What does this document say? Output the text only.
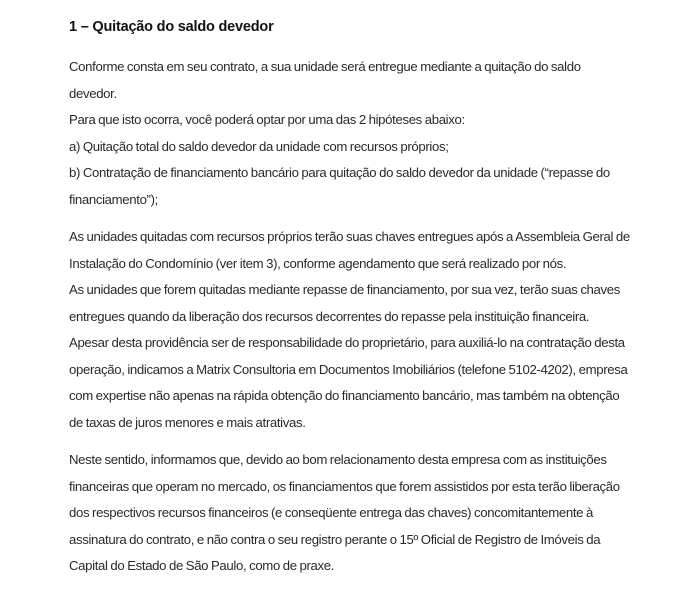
1 – Quitação do saldo devedor

Conforme consta em seu contrato, a sua unidade será entregue mediante a quitação do saldo
devedor.
Para que isto ocorra, você poderá optar por uma das 2 hipóteses abaixo:
a) Quitação total do saldo devedor da unidade com recursos próprios;
b) Contratação de financiamento bancário para quitação do saldo devedor da unidade (“repasse do
financiamento”);

As unidades quitadas com recursos próprios terão suas chaves entregues após a Assembleia Geral de
Instalação do Condomínio (ver item 3), conforme agendamento que será realizado por nós.
As unidades que forem quitadas mediante repasse de financiamento, por sua vez, terão suas chaves
entregues quando da liberação dos recursos decorrentes do repasse pela instituição financeira.
Apesar desta providência ser de responsabilidade do proprietário, para auxiliá-lo na contratação desta
operação, indicamos a Matrix Consultoria em Documentos Imobiliários (telefone 5102-4202), empresa
com expertise não apenas na rápida obtenção do financiamento bancário, mas também na obtenção
de taxas de juros menores e mais atrativas.

Neste sentido, informamos que, devido ao bom relacionamento desta empresa com as instituições
financeiras que operam no mercado, os financiamentos que forem assistidos por esta terão liberação
dos respectivos recursos financeiros (e conseqüente entrega das chaves) concomitantemente à
assinatura do contrato, e não contra o seu registro perante o 15º Oficial de Registro de Imóveis da
Capital do Estado de São Paulo, como de praxe.
